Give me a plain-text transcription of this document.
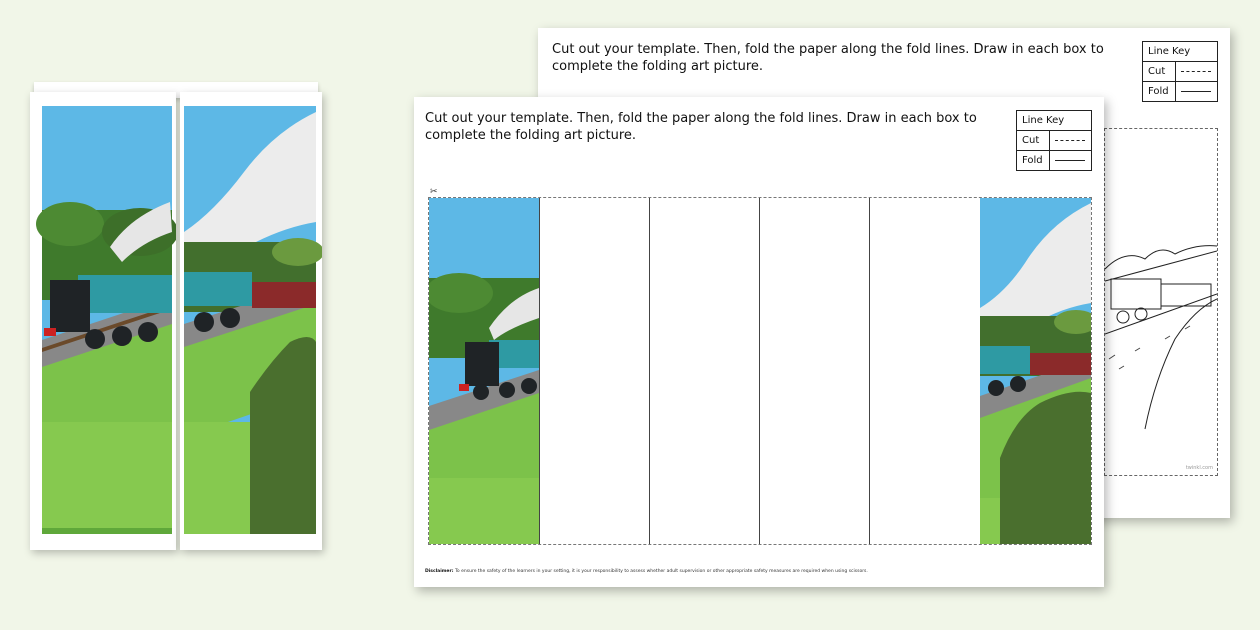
Cut out your template. Then, fold the paper along the fold lines. Draw in each box to complete the folding art picture.
Line Key	
Cut	
Fold	
twinkl.com
Cut out your template. Then, fold the paper along the fold lines. Draw in each box to complete the folding art picture.
Line Key	
Cut	
Fold	
✂
Disclaimer: To ensure the safety of the learners in your setting, it is your responsibility to assess whether adult supervision or other appropriate safety measures are required when using scissors.
